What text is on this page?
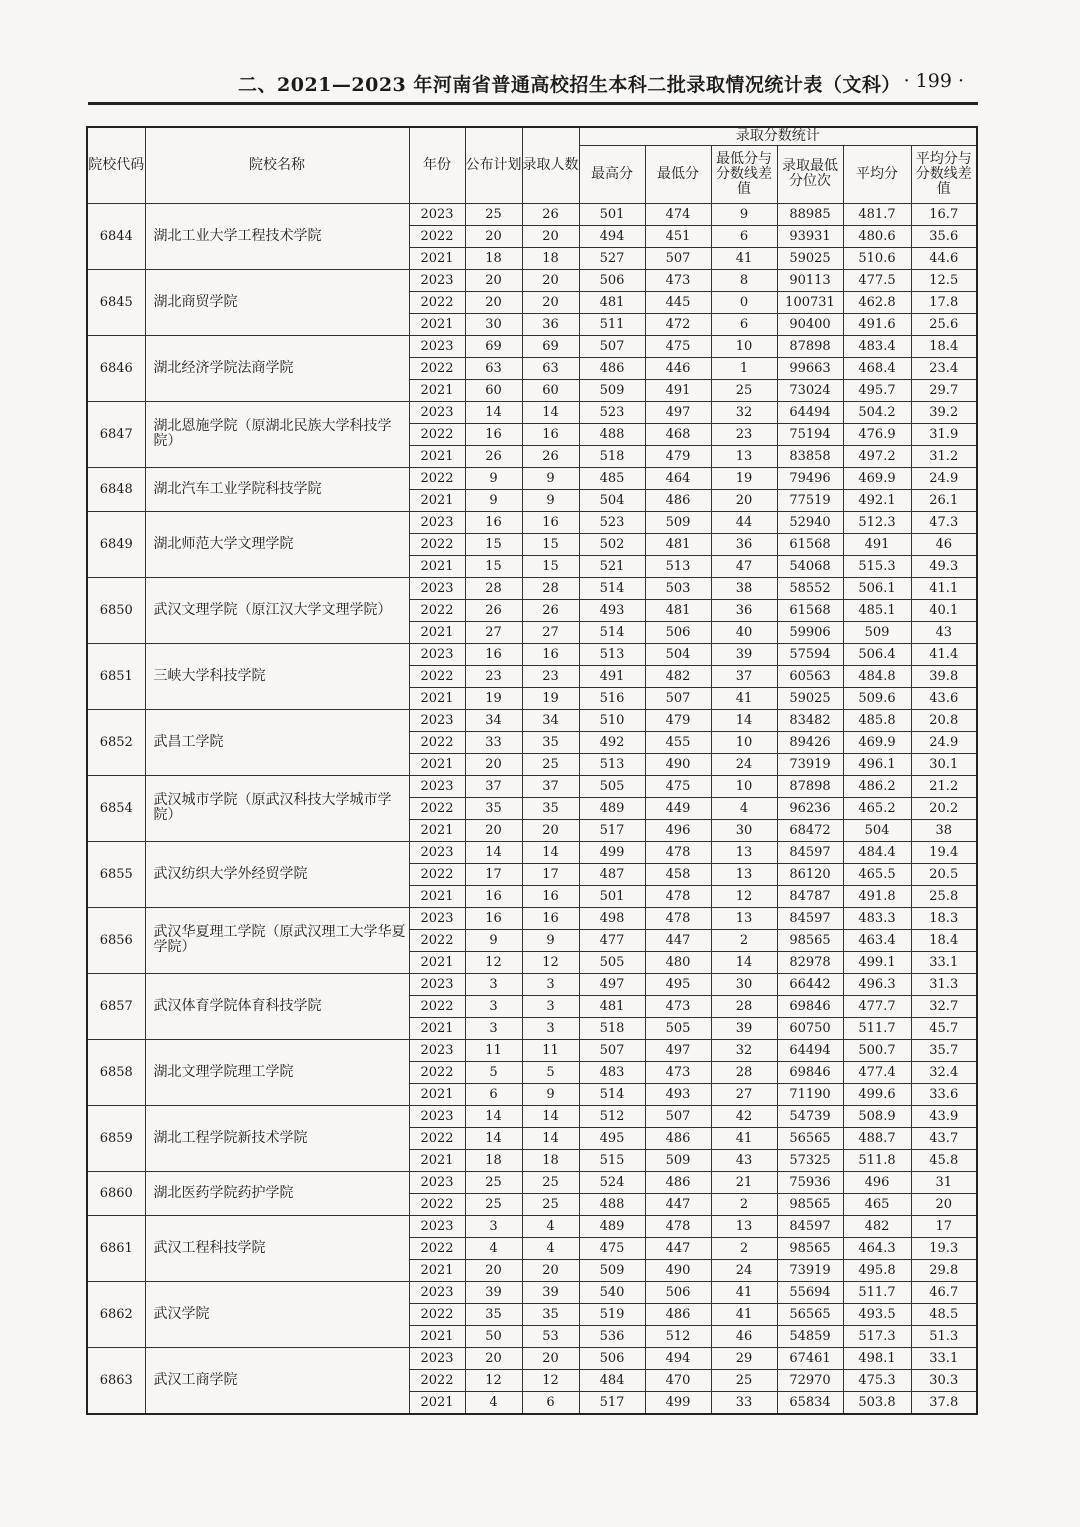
二、2021—2023 年河南省普通高校招生本科二批录取情况统计表（文科） · 199 ·
院校代码	院校名称	年份	公布计划	录取人数	录取分数统计					
					最高分	最低分	最低分与分数线差值	录取最低分位次	平均分	平均分与分数线差值
6844	湖北工业大学工程技术学院	2023	25	26	501	474	9	88985	481.7	16.7
		2022	20	20	494	451	6	93931	480.6	35.6
		2021	18	18	527	507	41	59025	510.6	44.6
6845	湖北商贸学院	2023	20	20	506	473	8	90113	477.5	12.5
		2022	20	20	481	445	0	100731	462.8	17.8
		2021	30	36	511	472	6	90400	491.6	25.6
6846	湖北经济学院法商学院	2023	69	69	507	475	10	87898	483.4	18.4
		2022	63	63	486	446	1	99663	468.4	23.4
		2021	60	60	509	491	25	73024	495.7	29.7
6847	湖北恩施学院（原湖北民族大学科技学院）	2023	14	14	523	497	32	64494	504.2	39.2
		2022	16	16	488	468	23	75194	476.9	31.9
		2021	26	26	518	479	13	83858	497.2	31.2
6848	湖北汽车工业学院科技学院	2022	9	9	485	464	19	79496	469.9	24.9
		2021	9	9	504	486	20	77519	492.1	26.1
6849	湖北师范大学文理学院	2023	16	16	523	509	44	52940	512.3	47.3
		2022	15	15	502	481	36	61568	491	46
		2021	15	15	521	513	47	54068	515.3	49.3
6850	武汉文理学院（原江汉大学文理学院）	2023	28	28	514	503	38	58552	506.1	41.1
		2022	26	26	493	481	36	61568	485.1	40.1
		2021	27	27	514	506	40	59906	509	43
6851	三峡大学科技学院	2023	16	16	513	504	39	57594	506.4	41.4
		2022	23	23	491	482	37	60563	484.8	39.8
		2021	19	19	516	507	41	59025	509.6	43.6
6852	武昌工学院	2023	34	34	510	479	14	83482	485.8	20.8
		2022	33	35	492	455	10	89426	469.9	24.9
		2021	20	25	513	490	24	73919	496.1	30.1
6854	武汉城市学院（原武汉科技大学城市学院）	2023	37	37	505	475	10	87898	486.2	21.2
		2022	35	35	489	449	4	96236	465.2	20.2
		2021	20	20	517	496	30	68472	504	38
6855	武汉纺织大学外经贸学院	2023	14	14	499	478	13	84597	484.4	19.4
		2022	17	17	487	458	13	86120	465.5	20.5
		2021	16	16	501	478	12	84787	491.8	25.8
6856	武汉华夏理工学院（原武汉理工大学华夏学院）	2023	16	16	498	478	13	84597	483.3	18.3
		2022	9	9	477	447	2	98565	463.4	18.4
		2021	12	12	505	480	14	82978	499.1	33.1
6857	武汉体育学院体育科技学院	2023	3	3	497	495	30	66442	496.3	31.3
		2022	3	3	481	473	28	69846	477.7	32.7
		2021	3	3	518	505	39	60750	511.7	45.7
6858	湖北文理学院理工学院	2023	11	11	507	497	32	64494	500.7	35.7
		2022	5	5	483	473	28	69846	477.4	32.4
		2021	6	9	514	493	27	71190	499.6	33.6
6859	湖北工程学院新技术学院	2023	14	14	512	507	42	54739	508.9	43.9
		2022	14	14	495	486	41	56565	488.7	43.7
		2021	18	18	515	509	43	57325	511.8	45.8
6860	湖北医药学院药护学院	2023	25	25	524	486	21	75936	496	31
		2022	25	25	488	447	2	98565	465	20
6861	武汉工程科技学院	2023	3	4	489	478	13	84597	482	17
		2022	4	4	475	447	2	98565	464.3	19.3
		2021	20	20	509	490	24	73919	495.8	29.8
6862	武汉学院	2023	39	39	540	506	41	55694	511.7	46.7
		2022	35	35	519	486	41	56565	493.5	48.5
		2021	50	53	536	512	46	54859	517.3	51.3
6863	武汉工商学院	2023	20	20	506	494	29	67461	498.1	33.1
		2022	12	12	484	470	25	72970	475.3	30.3
		2021	4	6	517	499	33	65834	503.8	37.8
